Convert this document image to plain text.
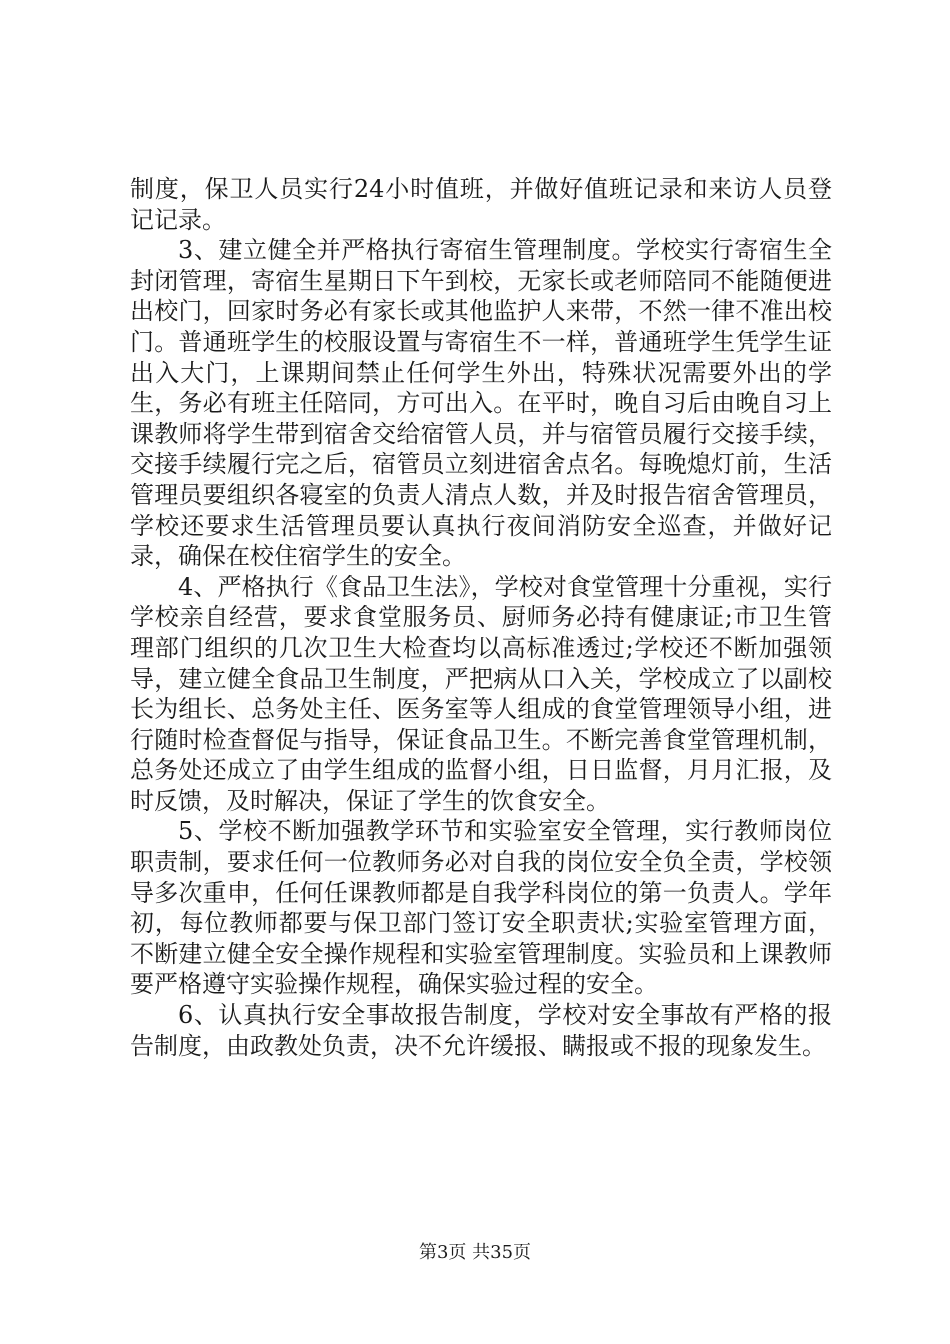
制度，保卫人员实行24小时值班，并做好值班记录和来访人员登记记录。

3、建立健全并严格执行寄宿生管理制度。学校实行寄宿生全封闭管理，寄宿生星期日下午到校，无家长或老师陪同不能随便进出校门，回家时务必有家长或其他监护人来带，不然一律不准出校门。普通班学生的校服设置与寄宿生不一样，普通班学生凭学生证出入大门，上课期间禁止任何学生外出，特殊状况需要外出的学生，务必有班主任陪同，方可出入。在平时，晚自习后由晚自习上课教师将学生带到宿舍交给宿管人员，并与宿管员履行交接手续，交接手续履行完之后，宿管员立刻进宿舍点名。每晚熄灯前，生活管理员要组织各寝室的负责人清点人数，并及时报告宿舍管理员，学校还要求生活管理员要认真执行夜间消防安全巡查，并做好记录，确保在校住宿学生的安全。

4、严格执行《食品卫生法》，学校对食堂管理十分重视，实行学校亲自经营，要求食堂服务员、厨师务必持有健康证;市卫生管理部门组织的几次卫生大检查均以高标准透过;学校还不断加强领导，建立健全食品卫生制度，严把病从口入关，学校成立了以副校长为组长、总务处主任、医务室等人组成的食堂管理领导小组，进行随时检查督促与指导，保证食品卫生。不断完善食堂管理机制，总务处还成立了由学生组成的监督小组，日日监督，月月汇报，及时反馈，及时解决，保证了学生的饮食安全。

5、学校不断加强教学环节和实验室安全管理，实行教师岗位职责制，要求任何一位教师务必对自我的岗位安全负全责，学校领导多次重申，任何任课教师都是自我学科岗位的第一负责人。学年初，每位教师都要与保卫部门签订安全职责状;实验室管理方面，不断建立健全安全操作规程和实验室管理制度。实验员和上课教师要严格遵守实验操作规程，确保实验过程的安全。

6、认真执行安全事故报告制度，学校对安全事故有严格的报告制度，由政教处负责，决不允许缓报、瞒报或不报的现象发生。

第3页 共35页
